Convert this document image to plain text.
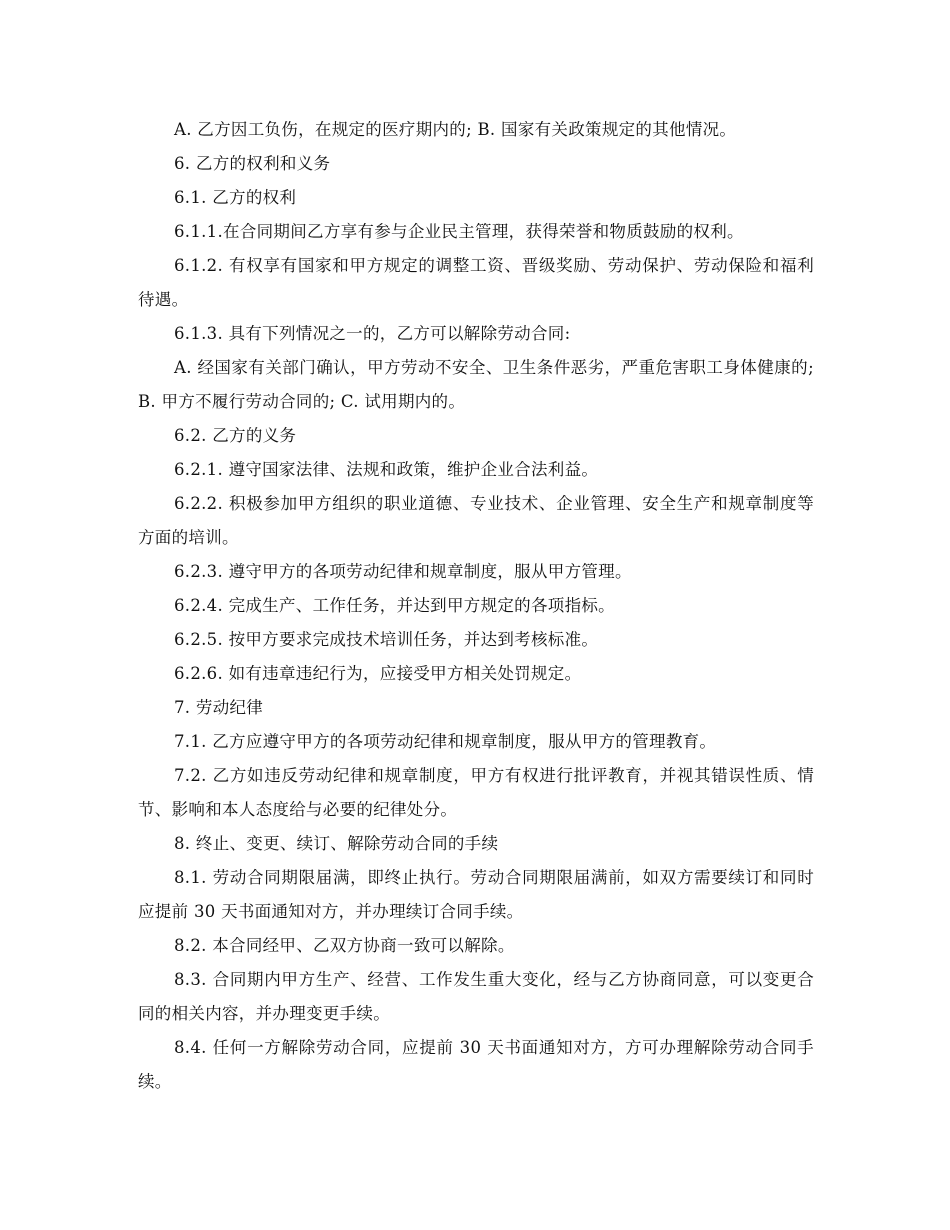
A. 乙方因工负伤，在规定的医疗期内的; B. 国家有关政策规定的其他情况。

6. 乙方的权利和义务

6.1. 乙方的权利

6.1.1.在合同期间乙方享有参与企业民主管理，获得荣誉和物质鼓励的权利。

6.1.2. 有权享有国家和甲方规定的调整工资、晋级奖励、劳动保护、劳动保险和福利待遇。

6.1.3. 具有下列情况之一的，乙方可以解除劳动合同:

A. 经国家有关部门确认，甲方劳动不安全、卫生条件恶劣，严重危害职工身体健康的; B. 甲方不履行劳动合同的; C. 试用期内的。

6.2. 乙方的义务

6.2.1. 遵守国家法律、法规和政策，维护企业合法利益。

6.2.2. 积极参加甲方组织的职业道德、专业技术、企业管理、安全生产和规章制度等方面的培训。

6.2.3. 遵守甲方的各项劳动纪律和规章制度，服从甲方管理。

6.2.4. 完成生产、工作任务，并达到甲方规定的各项指标。

6.2.5. 按甲方要求完成技术培训任务，并达到考核标准。

6.2.6. 如有违章违纪行为，应接受甲方相关处罚规定。

7. 劳动纪律

7.1. 乙方应遵守甲方的各项劳动纪律和规章制度，服从甲方的管理教育。

7.2. 乙方如违反劳动纪律和规章制度，甲方有权进行批评教育，并视其错误性质、情节、影响和本人态度给与必要的纪律处分。

8. 终止、变更、续订、解除劳动合同的手续

8.1. 劳动合同期限届满，即终止执行。劳动合同期限届满前，如双方需要续订和同时应提前 30 天书面通知对方，并办理续订合同手续。

8.2. 本合同经甲、乙双方协商一致可以解除。

8.3. 合同期内甲方生产、经营、工作发生重大变化，经与乙方协商同意，可以变更合同的相关内容，并办理变更手续。

8.4. 任何一方解除劳动合同，应提前 30 天书面通知对方，方可办理解除劳动合同手续。
